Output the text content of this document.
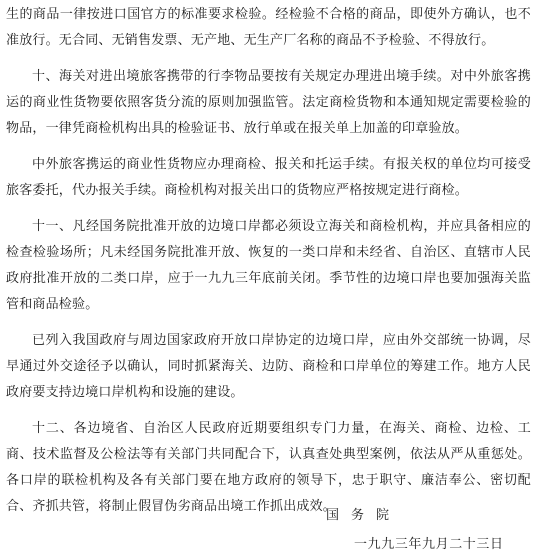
生的商品一律按进口国官方的标准要求检验。经检验不合格的商品，即使外方确认，也不准放行。无合同、无销售发票、无产地、无生产厂名称的商品不予检验、不得放行。

十、海关对进出境旅客携带的行李物品要按有关规定办理进出境手续。对中外旅客携运的商业性货物要依照客货分流的原则加强监管。法定商检货物和本通知规定需要检验的物品，一律凭商检机构出具的检验证书、放行单或在报关单上加盖的印章验放。

中外旅客携运的商业性货物应办理商检、报关和托运手续。有报关权的单位均可接受旅客委托，代办报关手续。商检机构对报关出口的货物应严格按规定进行商检。

十一、凡经国务院批准开放的边境口岸都必须设立海关和商检机构，并应具备相应的检查检验场所；凡未经国务院批准开放、恢复的一类口岸和未经省、自治区、直辖市人民政府批准开放的二类口岸，应于一九九三年底前关闭。季节性的边境口岸也要加强海关监管和商品检验。

已列入我国政府与周边国家政府开放口岸协定的边境口岸，应由外交部统一协调，尽早通过外交途径予以确认，同时抓紧海关、边防、商检和口岸单位的筹建工作。地方人民政府要支持边境口岸机构和设施的建设。

十二、各边境省、自治区人民政府近期要组织专门力量，在海关、商检、边检、工商、技术监督及公检法等有关部门共同配合下，认真查处典型案例，依法从严从重惩处。各口岸的联检机构及各有关部门要在地方政府的领导下，忠于职守、廉洁奉公、密切配合、齐抓共管，将制止假冒伪劣商品出境工作抓出成效。

国务院

一九九三年九月二十三日
